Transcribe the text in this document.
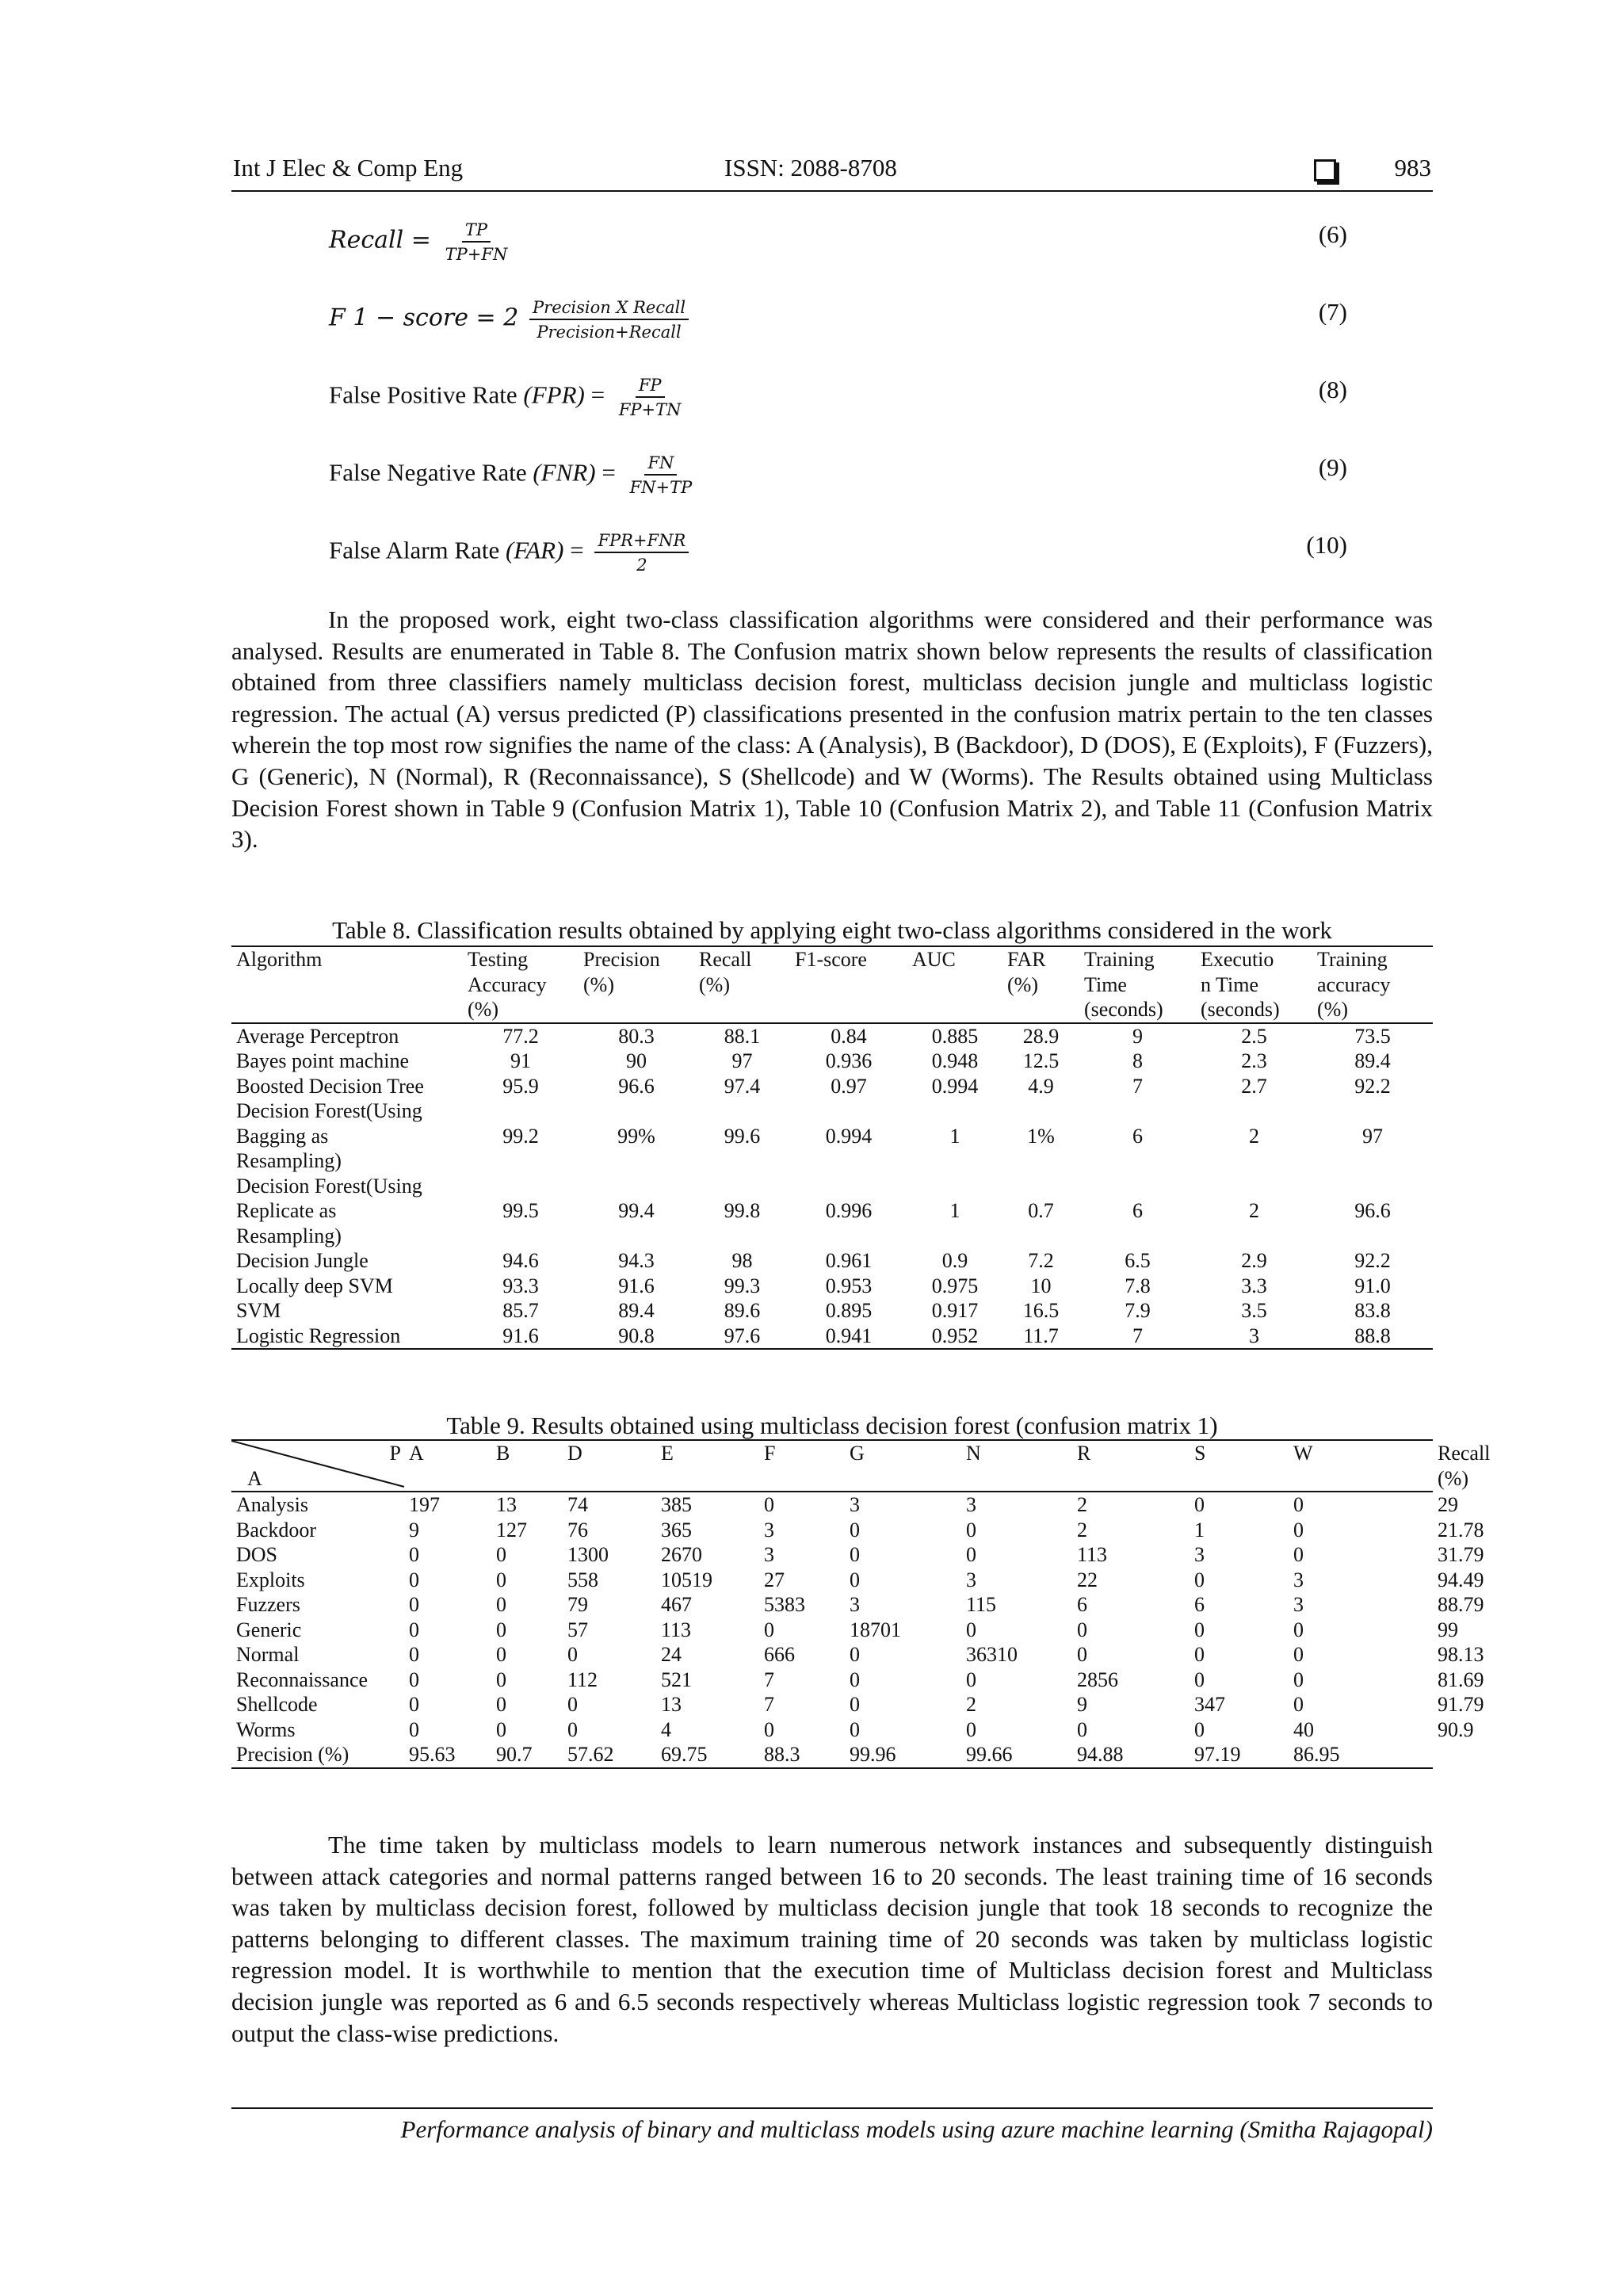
Int J Elec & Comp Eng	ISSN: 2088-8708	983
Recall = $\frac{TP}{TP+FN}$	(6)
F 1 − score = $2 \frac{\text{Precision X Recall}}{\text{Precision+Recall}}$	(7)
False Positive Rate $(FPR) = \frac{FP}{FP+TN}$	(8)
False Negative Rate $(FNR) = \frac{FN}{FN+TP}$	(9)
False Alarm Rate $(FAR) = \frac{\text{FPR+FNR}}{2}$	(10)
In the proposed work, eight two-class classification algorithms were considered and their performance was analysed. Results are enumerated in Table 8. The Confusion matrix shown below represents the results of classification obtained from three classifiers namely multiclass decision forest, multiclass decision jungle and multiclass logistic regression. The actual (A) versus predicted (P) classifications presented in the confusion matrix pertain to the ten classes wherein the top most row signifies the name of the class: A (Analysis), B (Backdoor), D (DOS), E (Exploits), F (Fuzzers), G (Generic), N (Normal), R (Reconnaissance), S (Shellcode) and W (Worms). The Results obtained using Multiclass Decision Forest shown in Table 9 (Confusion Matrix 1), Table 10 (Confusion Matrix 2), and Table 11 (Confusion Matrix 3).
Table 8. Classification results obtained by applying eight two-class algorithms considered in the work
Algorithm	Testing
Accuracy
(%)	Precision
(%)	Recall
(%)	F1-score	AUC	FAR
(%)	Training
Time
(seconds)	Executio
n Time
(seconds)	Training
accuracy
(%)
Average Perceptron	77.2	80.3	88.1	0.84	0.885	28.9	9	2.5	73.5
Bayes point machine	91	90	97	0.936	0.948	12.5	8	2.3	89.4
Boosted Decision Tree	95.9	96.6	97.4	0.97	0.994	4.9	7	2.7	92.2
Decision Forest(Using
Bagging as
Resampling)	99.2	99%	99.6	0.994	1	1%	6	2	97
Decision Forest(Using
Replicate as
Resampling)	99.5	99.4	99.8	0.996	1	0.7	6	2	96.6
Decision Jungle	94.6	94.3	98	0.961	0.9	7.2	6.5	2.9	92.2
Locally deep SVM	93.3	91.6	99.3	0.953	0.975	10	7.8	3.3	91.0
SVM	85.7	89.4	89.6	0.895	0.917	16.5	7.9	3.5	83.8
Logistic Regression	91.6	90.8	97.6	0.941	0.952	11.7	7	3	88.8
Table 9. Results obtained using multiclass decision forest (confusion matrix 1)
P
A	A	B	D	E	F	G	N	R	S	W	Recall
(%)
Analysis	197	13	74	385	0	3	3	2	0	0	29
Backdoor	9	127	76	365	3	0	0	2	1	0	21.78
DOS	0	0	1300	2670	3	0	0	113	3	0	31.79
Exploits	0	0	558	10519	27	0	3	22	0	3	94.49
Fuzzers	0	0	79	467	5383	3	115	6	6	3	88.79
Generic	0	0	57	113	0	18701	0	0	0	0	99
Normal	0	0	0	24	666	0	36310	0	0	0	98.13
Reconnaissance	0	0	112	521	7	0	0	2856	0	0	81.69
Shellcode	0	0	0	13	7	0	2	9	347	0	91.79
Worms	0	0	0	4	0	0	0	0	0	40	90.9
Precision (%)	95.63	90.7	57.62	69.75	88.3	99.96	99.66	94.88	97.19	86.95	
The time taken by multiclass models to learn numerous network instances and subsequently distinguish between attack categories and normal patterns ranged between 16 to 20 seconds. The least training time of 16 seconds was taken by multiclass decision forest, followed by multiclass decision jungle that took 18 seconds to recognize the patterns belonging to different classes. The maximum training time of 20 seconds was taken by multiclass logistic regression model. It is worthwhile to mention that the execution time of Multiclass decision forest and Multiclass decision jungle was reported as 6 and 6.5 seconds respectively whereas Multiclass logistic regression took 7 seconds to output the class-wise predictions.
Performance analysis of binary and multiclass models using azure machine learning (Smitha Rajagopal)
